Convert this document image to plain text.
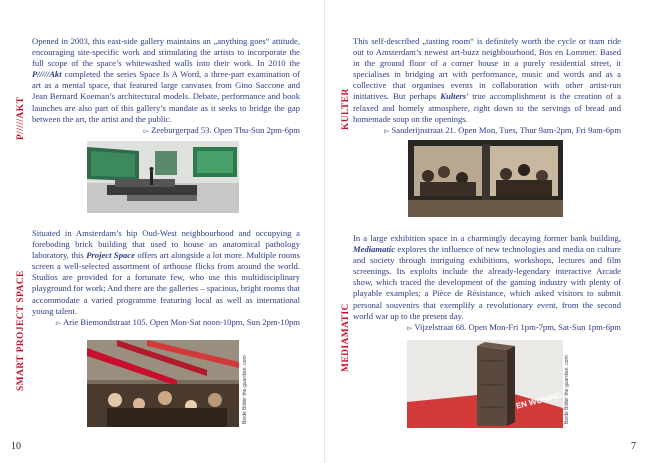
P/////AKT

Opened in 2003, this east-side gallery maintains an „anything goes“ attitude, encouraging site-specific work and stimulating the artists to incorporate the full scope of the space’s whitewashed walls into their work. In 2010 the P/////Akt completed the series Space Is A Word, a three-part examination of art as a mental space, that featured large canvases from Gino Saccone and Jean Bernard Koeman’s architectural models. Debate, performance and book launches are also part of this gallery’s mandate as it seeks to bridge the gap between the art, the artist and the public.
▻ Zeeburgerpad 53. Open Thu-Sun 2pm-6pm

SMART PROJECT SPACE

Situated in Amsterdam’s hip Oud-West neighbourhood and occupying a foreboding brick building that used to house an anatomical pathology laboratory, this Project Space offers art alongside a lot more. Multiple rooms screen a well-selected assortment of arthouse flicks from around the world. Studios are provided for a fortunate few, who use this multidisciplinary playground for work; And there are the galleries – spacious, bright rooms that accommodate a varied programme featuring local as well as international young talent.
▻ Arie Biemondstraat 105. Open Mon-Sat noon-10pm, Sun 2pm-10pm

Beide Bilder the-guardian .com
10
KULTER

This self-described „tasting room“ is definitely worth the cycle or tram ride out to Amsterdam’s newest art-buzz neighbourhood, Bos en Lommer. Based in the ground floor of a corner house in a purely residential street, it specialises in bridging art with performance, music and words and as a collective that organises events in collaboration with other artist-run initiatives. But perhaps Kulters’ true accomplishment is the creation of a relaxed and homely atmosphere, right down to the servings of bread and homemade soup on the openings.
▻ Sanderijnstraat 21. Open Mon, Tues, Thur 9am-2pm, Fri 9am-6pm

MEDIAMATIC

In a large exhibition space in a charmingly decaying former bank building, Mediamatic explores the influence of new technologies and media on culture and society through intriguing exhibitions, workshops, lectures and film screenings. Its exploits include the already-legendary interactive Arcade show, which traced the development of the gaming industry with plenty of playable examples; a Pièce de Résistance, which asked visitors to submit personal souvenirs that exemplify a revolutionary event, from the second world war up to the present day.
▻ Vijzelstraat 68. Open Mon-Fri 1pm-7pm, Sat-Sun 1pm-6pm

EN WONING Beide Bilder the-guardian .com
7
